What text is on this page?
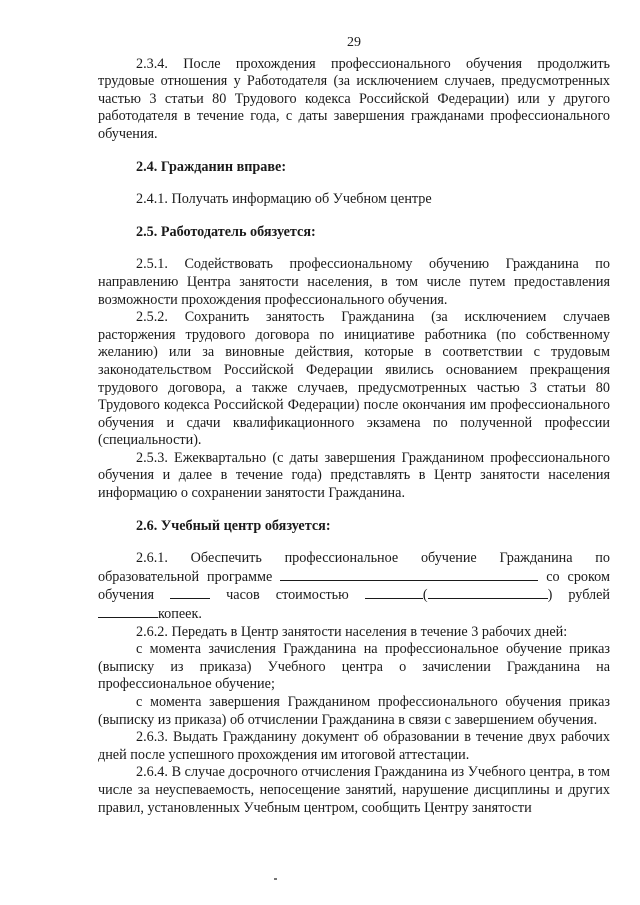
29

2.3.4. После прохождения профессионального обучения продолжить трудовые отношения у Работодателя (за исключением случаев, предусмотренных частью 3 статьи 80 Трудового кодекса Российской Федерации) или у другого работодателя в течение года, с даты завершения гражданами профессионального обучения.

2.4. Гражданин вправе:

2.4.1. Получать информацию об Учебном центре

2.5. Работодатель обязуется:

2.5.1. Содействовать профессиональному обучению Гражданина по направлению Центра занятости населения, в том числе путем предоставления возможности прохождения профессионального обучения.

2.5.2. Сохранить занятость Гражданина (за исключением случаев расторжения трудового договора по инициативе работника (по собственному желанию) или за виновные действия, которые в соответствии с трудовым законодательством Российской Федерации явились основанием прекращения трудового договора, а также случаев, предусмотренных частью 3 статьи 80 Трудового кодекса Российской Федерации) после окончания им профессионального обучения и сдачи квалификационного экзамена по полученной профессии (специальности).

2.5.3. Ежеквартально (с даты завершения Гражданином профессионального обучения и далее в течение года) представлять в Центр занятости населения информацию о сохранении занятости Гражданина.

2.6. Учебный центр обязуется:

2.6.1. Обеспечить профессиональное обучение Гражданина по образовательной программе	со сроком обучения	часов стоимостью	(	) рублей копеек.

2.6.2. Передать в Центр занятости населения в течение 3 рабочих дней:

с момента зачисления Гражданина на профессиональное обучение приказ (выписку из приказа) Учебного центра о зачислении Гражданина на профессиональное обучение;

с момента завершения Гражданином профессионального обучения приказ (выписку из приказа) об отчислении Гражданина в связи с завершением обучения.

2.6.3. Выдать Гражданину документ об образовании в течение двух рабочих дней после успешного прохождения им итоговой аттестации.

2.6.4. В случае досрочного отчисления Гражданина из Учебного центра, в том числе за неуспеваемость, непосещение занятий, нарушение дисциплины и других правил, установленных Учебным центром, сообщить Центру занятости
